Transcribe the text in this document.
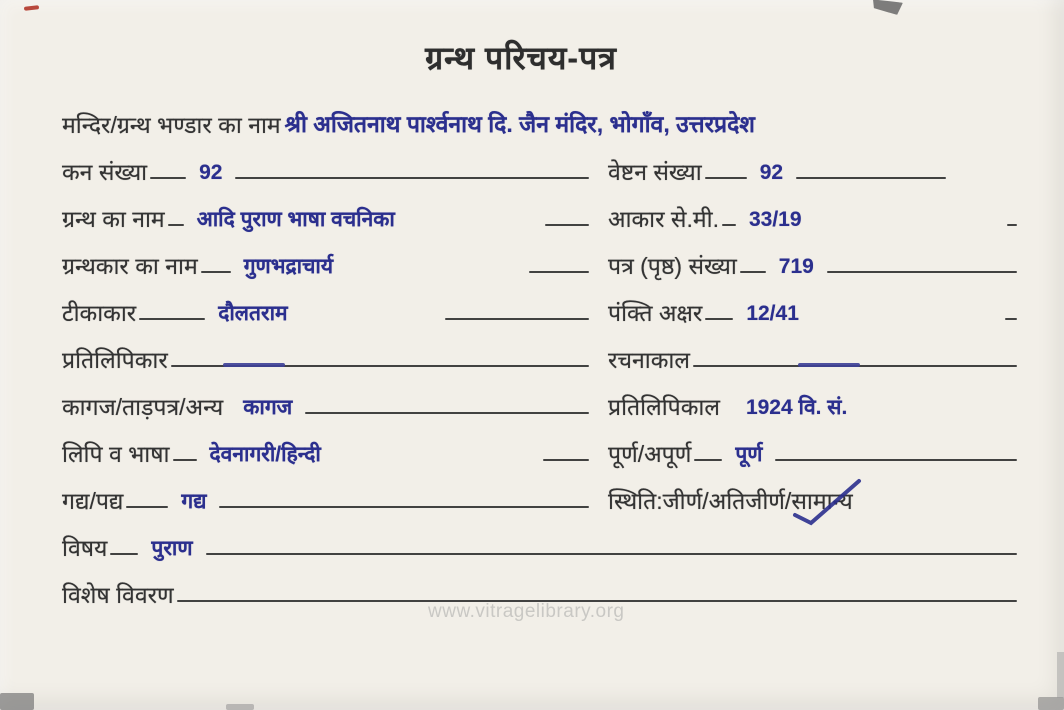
ग्रन्थ परिचय-पत्र
मन्दिर/ग्रन्थ भण्डार का नाम श्री अजितनाथ पार्श्वनाथ दि. जैन मंदिर, भोगाँव, उत्तरप्रदेश
कन संख्या 92	वेष्टन संख्या	92
ग्रन्थ का नाम आदि पुराण भाषा वचनिका	आकार से.मी. 33/19
ग्रन्थकार का नाम गुणभद्राचार्य	पत्र (पृष्ठ) संख्या 719
टीकाकार	दौलतराम	पंक्ति अक्षर 12/41
प्रतिलिपिकार	रचनाकाल
कागज/ताड़पत्र/अन्य कागज	प्रतिलिपिकाल 1924 वि. सं.
लिपि व भाषा देवनागरी/हिन्दी	पूर्ण/अपूर्ण पूर्ण
गद्य/पद्य	गद्य	स्थिति:जीर्ण/अतिजीर्ण/सामान्य
विषय पुराण
विशेष विवरण
www.vitragelibrary.org
